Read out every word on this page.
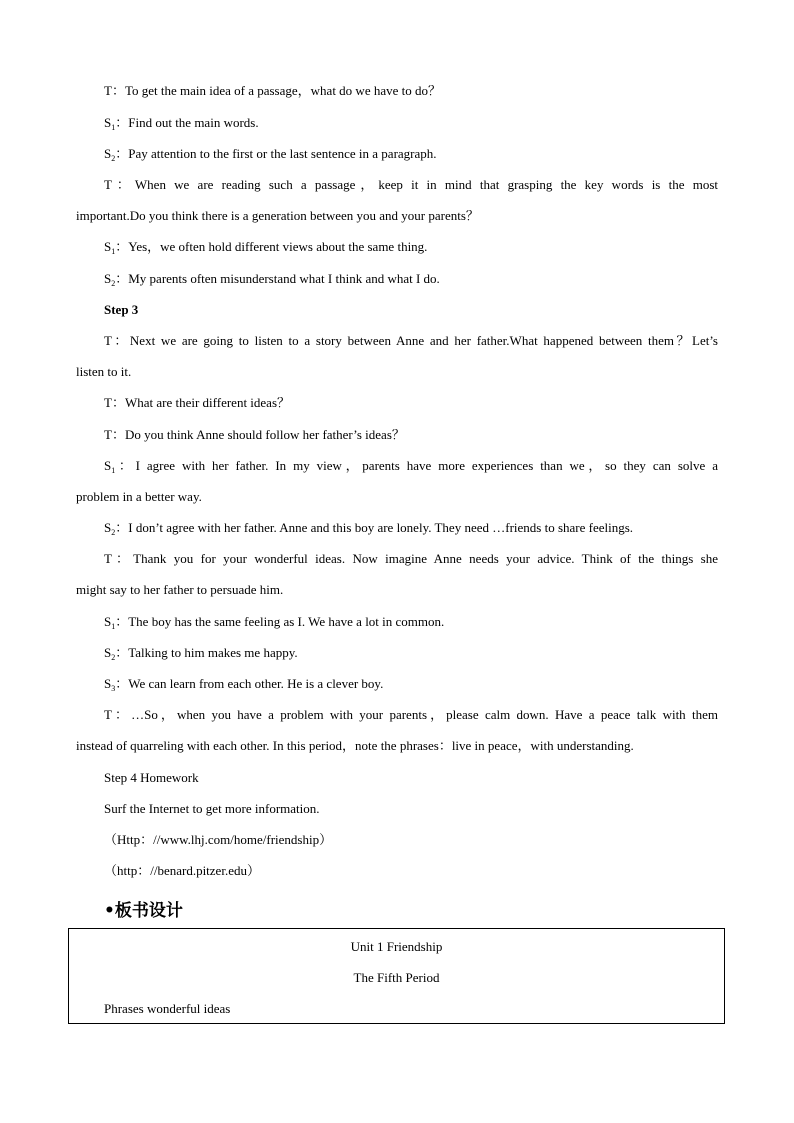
T：To get the main idea of a passage，what do we have to do？
$S_1$：Find out the main words.
$S_2$：Pay attention to the first or the last sentence in a paragraph.
T：When we are reading such a passage，keep it in mind that grasping the key words is the most
important.Do you think there is a generation between you and your parents？
$S_1$：Yes，we often hold different views about the same thing.
$S_2$：My parents often misunderstand what I think and what I do.
Step 3
T：Next we are going to listen to a story between Anne and her father.What happened between them？Let’s
listen to it.
T：What are their different ideas？
T：Do you think Anne should follow her father’s ideas？
$S_1$：I agree with her father. In my view，parents have more experiences than we，so they can solve a
problem in a better way.
$S_2$：I don’t agree with her father. Anne and this boy are lonely. They need …friends to share feelings.
T：Thank you for your wonderful ideas. Now imagine Anne needs your advice. Think of the things she
might say to her father to persuade him.
$S_1$：The boy has the same feeling as I. We have a lot in common.
$S_2$：Talking to him makes me happy.
$S_3$：We can learn from each other. He is a clever boy.
T：…So，when you have a problem with your parents，please calm down. Have a peace talk with them
instead of quarreling with each other. In this period，note the phrases：live in peace，with understanding.
Step 4 Homework
Surf the Internet to get more information.
（Http：//www.lhj.com/home/friendship）
（http：//benard.pitzer.edu）
•板书设计
Unit 1 Friendship
The Fifth Period
Phrases wonderful ideas
